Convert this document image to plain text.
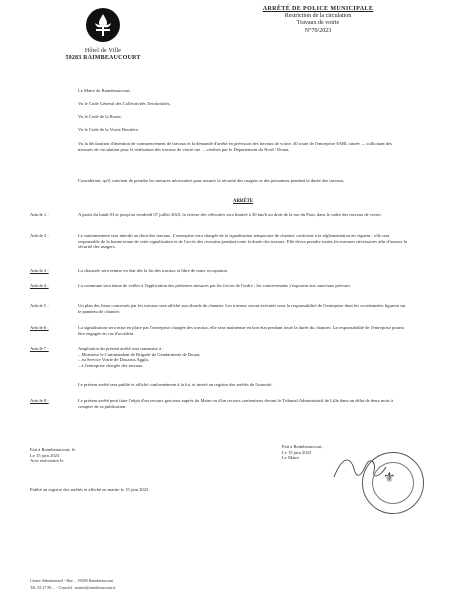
Hôtel de Ville
59283 RAIMBEAUCOURT
ARRÊTÉ DE POLICE MUNICIPALE
Restriction de la circulation
Travaux de voirie
N°70/2023
Le Maire de Raimbeaucourt,
Vu le Code Général des Collectivités Territoriales,
Vu le Code de la Route,
Vu le Code de la Voirie Routière,
Vu la déclaration d'intention de commencement de travaux et la demande d'arrêté en prévision des travaux de voirie, 40 route de l'entreprise SARL située ..., sollicitant des mesures de circulation pour la réalisation des travaux de voirie rue ..., réalisés par le Département du Nord / Douai,
Considérant, qu'il convient de prendre les mesures nécessaires pour assurer la sécurité des usagers et des personnes pendant la durée des travaux,
ARRÊTE
Article 1 :	A partir du lundi 03 et jusqu'au vendredi 07 juillet 2023, la vitesse des véhicules sera limitée à 30 km/h au droit de la rue du Pont, dans le cadre des travaux de voirie.
Article 2 :	Le stationnement sera interdit au droit des travaux. L'entreprise sera chargée de la signalisation temporaire de chantier conforme à la réglementation en vigueur ; elle sera responsable de la bonne tenue de cette signalisation et de l'accès des riverains pendant toute la durée des travaux. Elle devra prendre toutes les mesures nécessaires afin d'assurer la sécurité des usagers.
Article 3 :	La chaussée sera remise en état dès la fin des travaux et libre de toute occupation.
Article 4 :	La commune sera tenue de veiller à l'application des présentes mesures par les forces de l'ordre ; les contrevenants s'exposent aux sanctions prévues.
Article 5 :	Un plan des lieux concernés par les travaux sera affiché aux abords du chantier. Les travaux seront exécutés sous la responsabilité de l'entreprise dont les coordonnées figurent sur le panneau de chantier.
Article 6 :	La signalisation sera mise en place par l'entreprise chargée des travaux, elle sera maintenue en bon état pendant toute la durée du chantier. La responsabilité de l'entreprise pourra être engagée en cas d'accident.
Article 7 :	Ampliation du présent arrêté sera transmise à :
– Monsieur le Commandant de Brigade de Gendarmerie de Douai,
– au Service Voirie de Douaisis Agglo,
– à l'entreprise chargée des travaux.
Le présent arrêté sera publié et affiché conformément à la loi, et inséré au registre des arrêtés de l'autorité.
Article 8 :	Le présent arrêté peut faire l'objet d'un recours gracieux auprès du Maire ou d'un recours contentieux devant le Tribunal Administratif de Lille dans un délai de deux mois à compter de sa publication.
Fait à Raimbeaucourt, le
Le 15 juin 2023
Acte exécutoire le
Fait à Raimbeaucourt,
Le 15 juin 2023
Le Maire
⚜
Publié au registre des arrêtés et affiché en mairie le 15 juin 2023
Centre Administratif - Rue ... 59283 Raimbeaucourt
Tél. 03 27 80 ... - Courriel : mairie@raimbeaucourt.fr
